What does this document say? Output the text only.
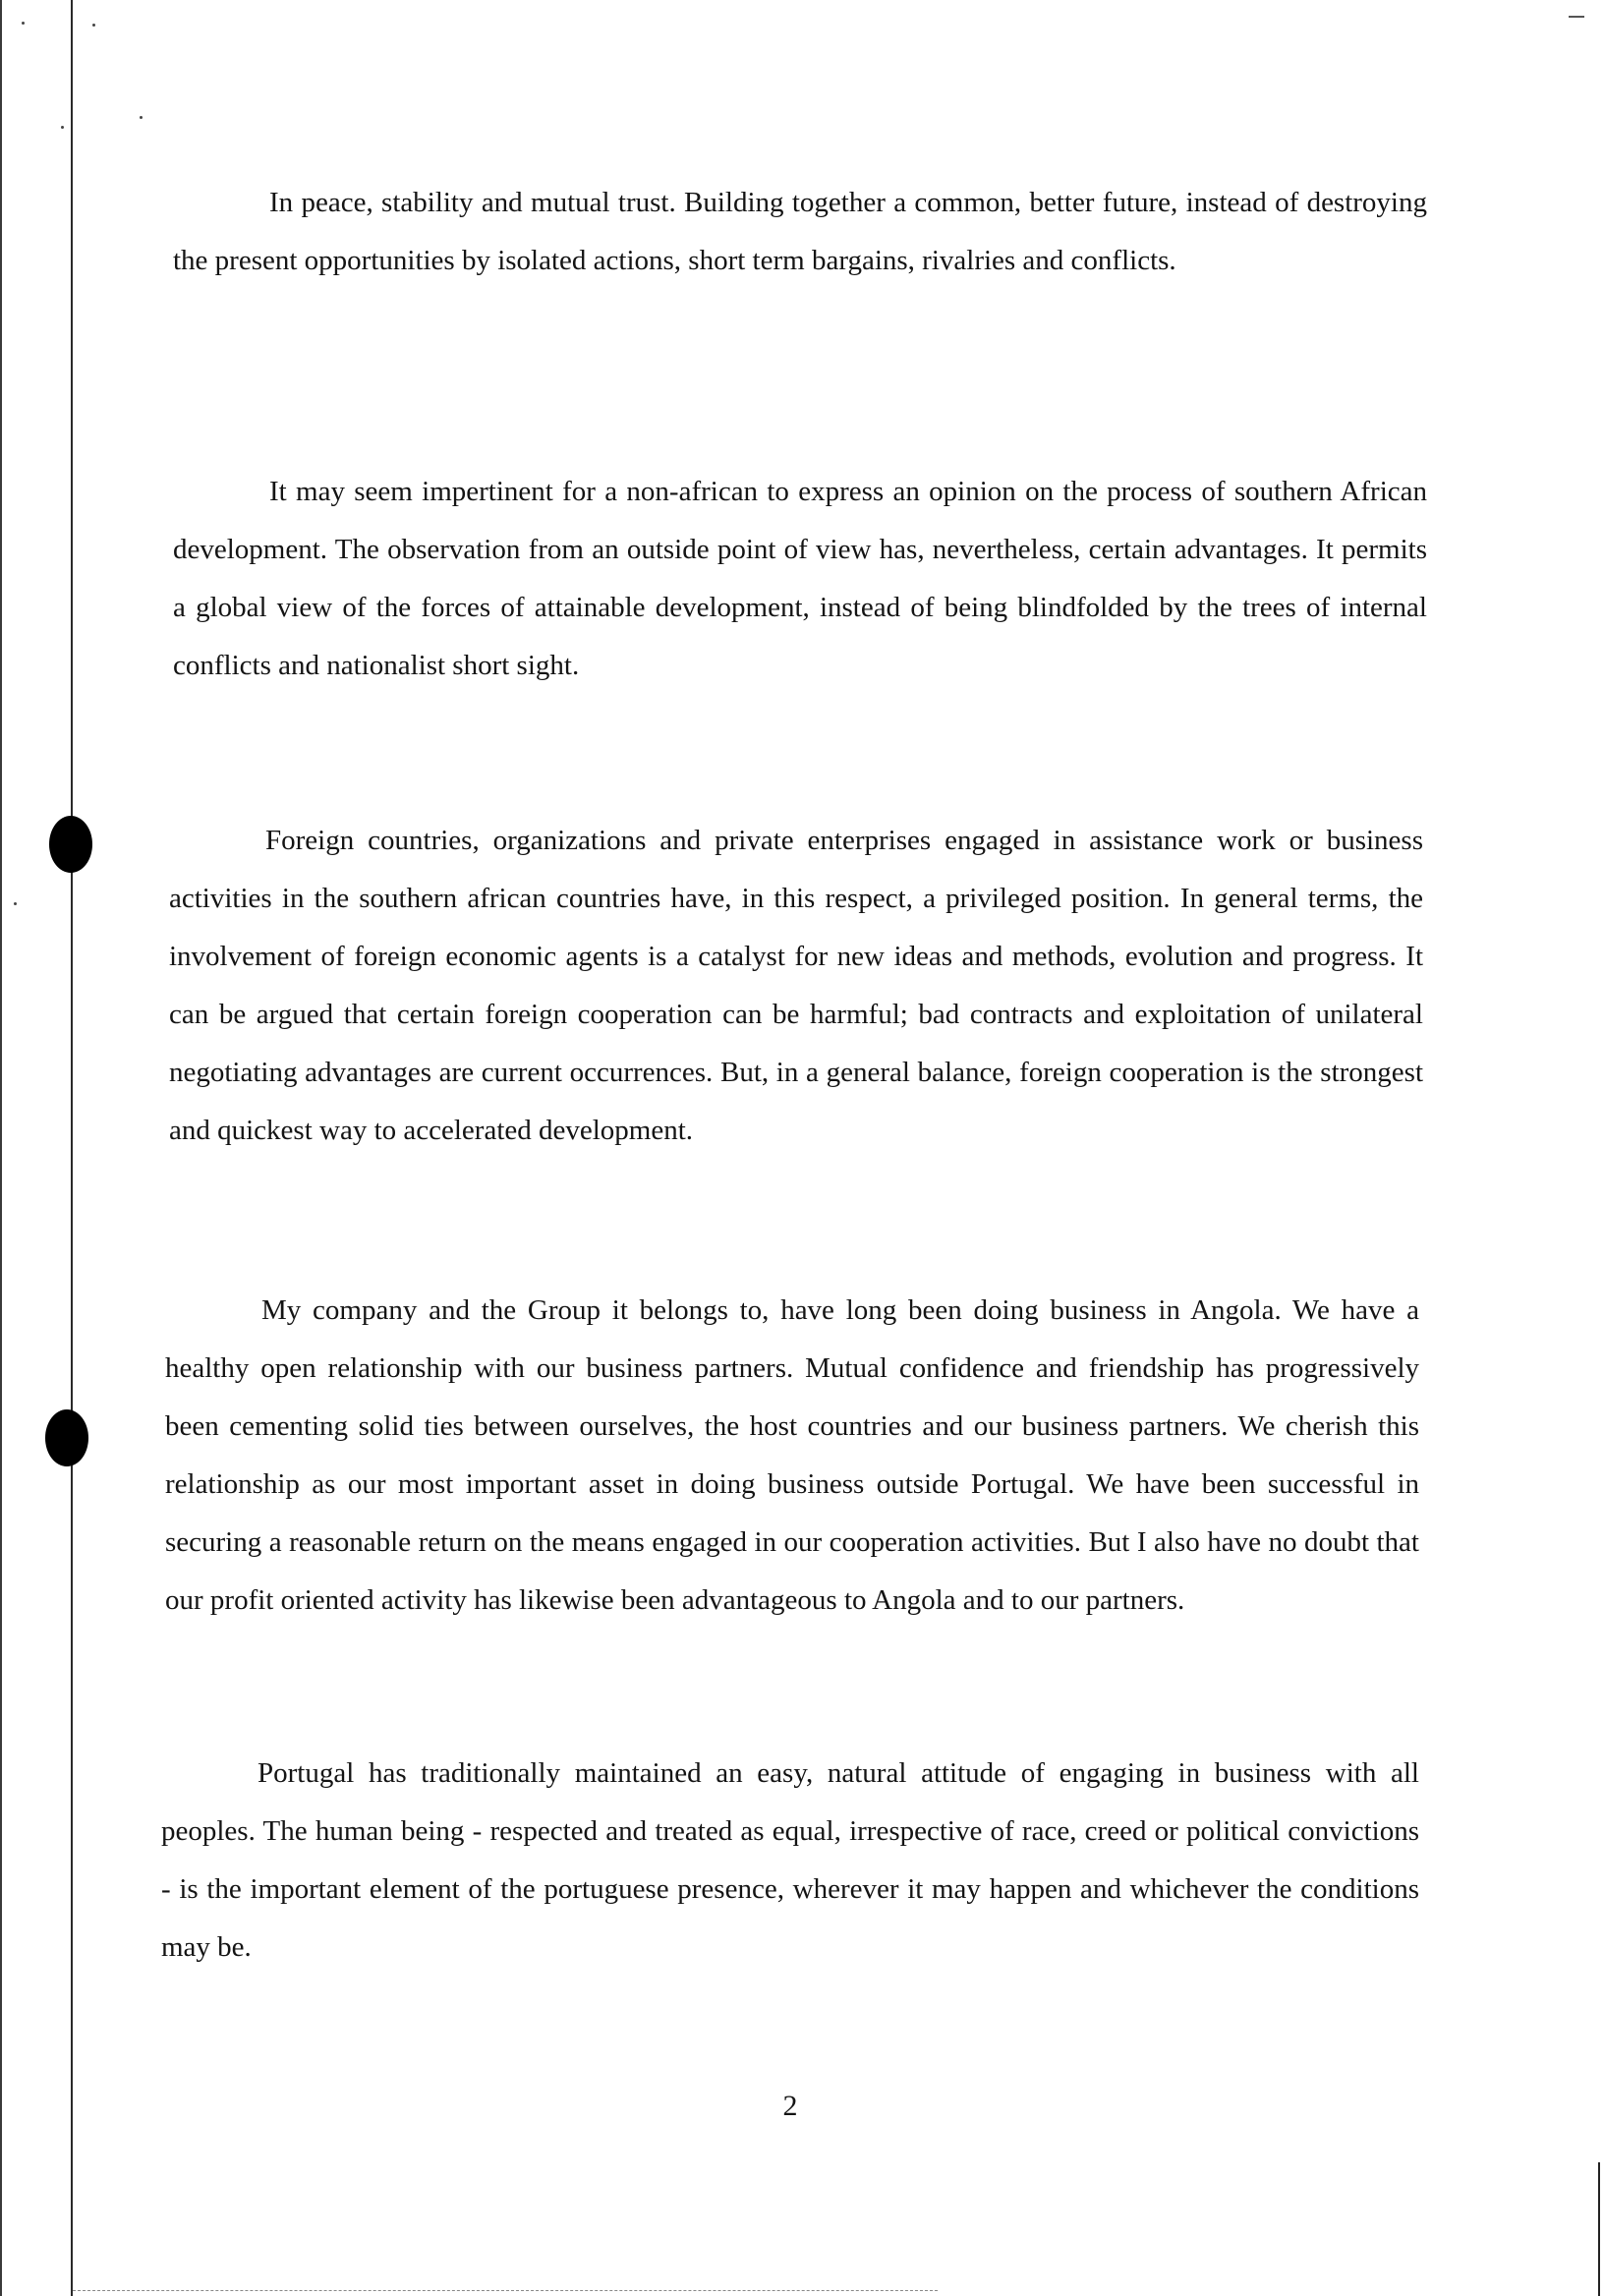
In peace, stability and mutual trust. Building together a common, better future, instead of destroying the present opportunities by isolated actions, short term bargains, rivalries and conflicts.

It may seem impertinent for a non-african to express an opinion on the process of southern African development. The observation from an outside point of view has, nevertheless, certain advantages. It permits a global view of the forces of attainable development, instead of being blindfolded by the trees of internal conflicts and nationalist short sight.

Foreign countries, organizations and private enterprises engaged in assistance work or business activities in the southern african countries have, in this respect, a privileged position. In general terms, the involvement of foreign economic agents is a catalyst for new ideas and methods, evolution and progress. It can be argued that certain foreign cooperation can be harmful; bad contracts and exploitation of unilateral negotiating advantages are current occurrences. But, in a general balance, foreign cooperation is the strongest and quickest way to accelerated development.

My company and the Group it belongs to, have long been doing business in Angola. We have a healthy open relationship with our business partners. Mutual confidence and friendship has progressively been cementing solid ties between ourselves, the host countries and our business partners. We cherish this relationship as our most important asset in doing business outside Portugal. We have been successful in securing a reasonable return on the means engaged in our cooperation activities. But I also have no doubt that our profit oriented activity has likewise been advantageous to Angola and to our partners.

Portugal has traditionally maintained an easy, natural attitude of engaging in business with all peoples. The human being - respected and treated as equal, irrespective of race, creed or political convictions - is the important element of the portuguese presence, wherever it may happen and whichever the conditions may be.

2
